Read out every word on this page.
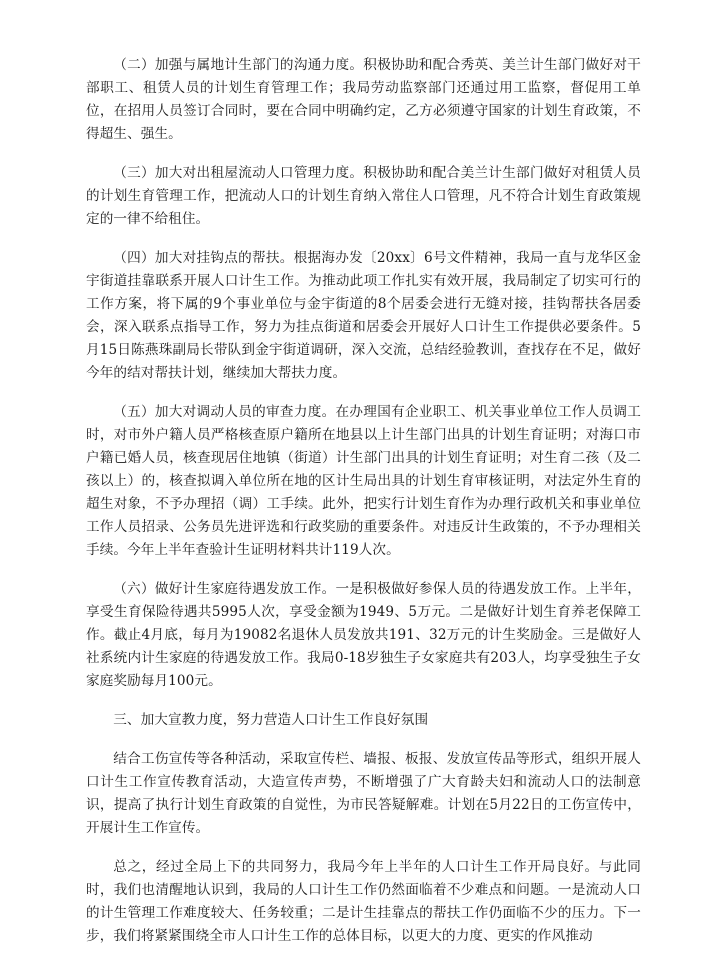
（二）加强与属地计生部门的沟通力度。积极协助和配合秀英、美兰计生部门做好对干部职工、租赁人员的计划生育管理工作；我局劳动监察部门还通过用工监察，督促用工单位，在招用人员签订合同时，要在合同中明确约定，乙方必须遵守国家的计划生育政策，不得超生、强生。

（三）加大对出租屋流动人口管理力度。积极协助和配合美兰计生部门做好对租赁人员的计划生育管理工作，把流动人口的计划生育纳入常住人口管理，凡不符合计划生育政策规定的一律不给租住。

（四）加大对挂钩点的帮扶。根据海办发〔20xx〕6号文件精神，我局一直与龙华区金宇街道挂靠联系开展人口计生工作。为推动此项工作扎实有效开展，我局制定了切实可行的工作方案，将下属的9个事业单位与金宇街道的8个居委会进行无缝对接，挂钩帮扶各居委会，深入联系点指导工作，努力为挂点街道和居委会开展好人口计生工作提供必要条件。5月15日陈燕珠副局长带队到金宇街道调研，深入交流，总结经验教训，查找存在不足，做好今年的结对帮扶计划，继续加大帮扶力度。

（五）加大对调动人员的审查力度。在办理国有企业职工、机关事业单位工作人员调工时，对市外户籍人员严格核查原户籍所在地县以上计生部门出具的计划生育证明；对海口市户籍已婚人员，核查现居住地镇（街道）计生部门出具的计划生育证明；对生育二孩（及二孩以上）的，核查拟调入单位所在地的区计生局出具的计划生育审核证明，对法定外生育的超生对象，不予办理招（调）工手续。此外，把实行计划生育作为办理行政机关和事业单位工作人员招录、公务员先进评选和行政奖励的重要条件。对违反计生政策的，不予办理相关手续。今年上半年查验计生证明材料共计119人次。

（六）做好计生家庭待遇发放工作。一是积极做好参保人员的待遇发放工作。上半年，享受生育保险待遇共5995人次，享受金额为1949、5万元。二是做好计划生育养老保障工作。截止4月底，每月为19082名退休人员发放共191、32万元的计生奖励金。三是做好人社系统内计生家庭的待遇发放工作。我局0-18岁独生子女家庭共有203人，均享受独生子女家庭奖励每月100元。

三、加大宣教力度，努力营造人口计生工作良好氛围

结合工伤宣传等各种活动，采取宣传栏、墙报、板报、发放宣传品等形式，组织开展人口计生工作宣传教育活动，大造宣传声势，不断增强了广大育龄夫妇和流动人口的法制意识，提高了执行计划生育政策的自觉性，为市民答疑解难。计划在5月22日的工伤宣传中，开展计生工作宣传。

总之，经过全局上下的共同努力，我局今年上半年的人口计生工作开局良好。与此同时，我们也清醒地认识到，我局的人口计生工作仍然面临着不少难点和问题。一是流动人口的计生管理工作难度较大、任务较重；二是计生挂靠点的帮扶工作仍面临不少的压力。下一步，我们将紧紧围绕全市人口计生工作的总体目标，以更大的力度、更实的作风推动
